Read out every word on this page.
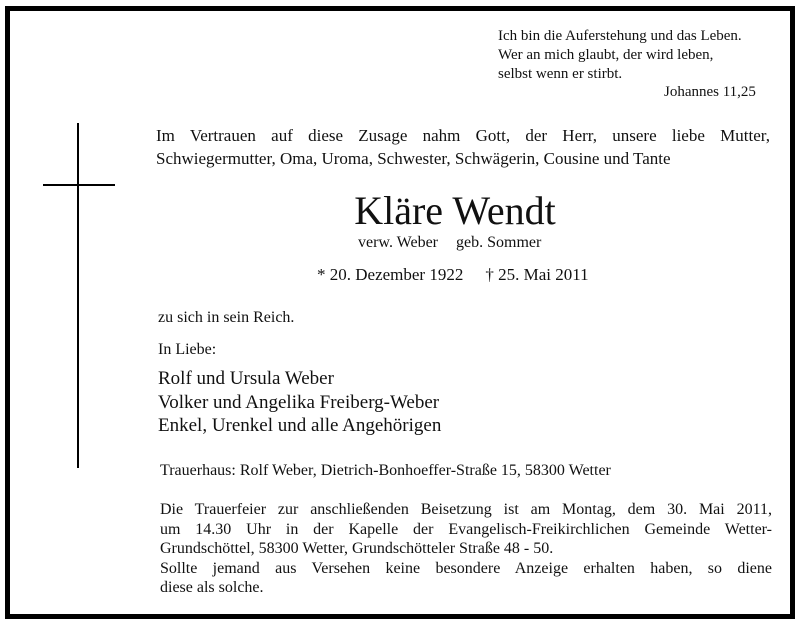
Ich bin die Auferstehung und das Leben.
Wer an mich glaubt, der wird leben,
selbst wenn er stirbt.
Johannes 11,25
Im Vertrauen auf diese Zusage nahm Gott, der Herr, unsere liebe Mutter,
Schwiegermutter, Oma, Uroma, Schwester, Schwägerin, Cousine und Tante
Kläre Wendt
verw. Weber geb. Sommer
* 20. Dezember 1922 † 25. Mai 2011
zu sich in sein Reich.
In Liebe:
Rolf und Ursula Weber
Volker und Angelika Freiberg-Weber
Enkel, Urenkel und alle Angehörigen
Trauerhaus: Rolf Weber, Dietrich-Bonhoeffer-Straße 15, 58300 Wetter
Die Trauerfeier zur anschließenden Beisetzung ist am Montag, dem 30. Mai 2011,
um 14.30 Uhr in der Kapelle der Evangelisch-Freikirchlichen Gemeinde Wetter-
Grundschöttel, 58300 Wetter, Grundschötteler Straße 48 - 50.
Sollte jemand aus Versehen keine besondere Anzeige erhalten haben, so diene
diese als solche.
